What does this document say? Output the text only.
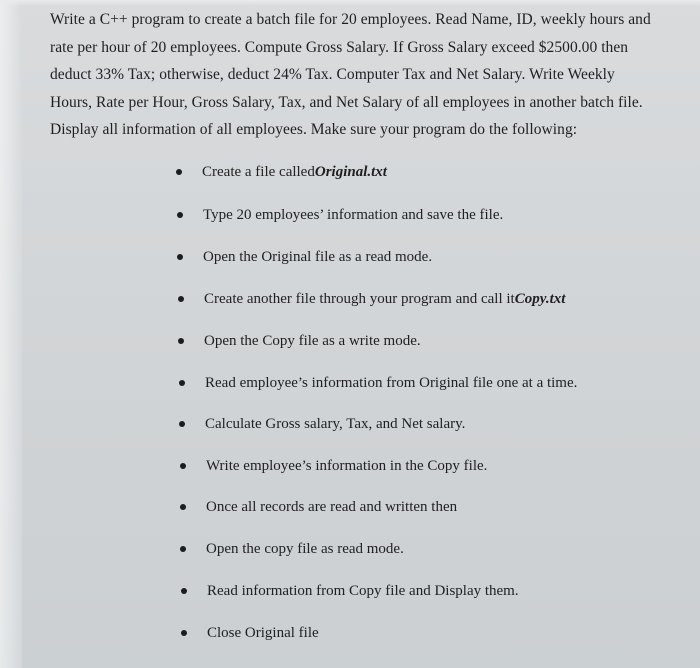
Write a C++ program to create a batch file for 20 employees. Read Name, ID, weekly hours and
rate per hour of 20 employees. Compute Gross Salary. If Gross Salary exceed $2500.00 then
deduct 33% Tax; otherwise, deduct 24% Tax. Computer Tax and Net Salary. Write Weekly
Hours, Rate per Hour, Gross Salary, Tax, and Net Salary of all employees in another batch file.
Display all information of all employees. Make sure your program do the following:
Create a file called Original.txt
Type 20 employees’ information and save the file.
Open the Original file as a read mode.
Create another file through your program and call it Copy.txt
Open the Copy file as a write mode.
Read employee’s information from Original file one at a time.
Calculate Gross salary, Tax, and Net salary.
Write employee’s information in the Copy file.
Once all records are read and written then
Open the copy file as read mode.
Read information from Copy file and Display them.
Close Original file
